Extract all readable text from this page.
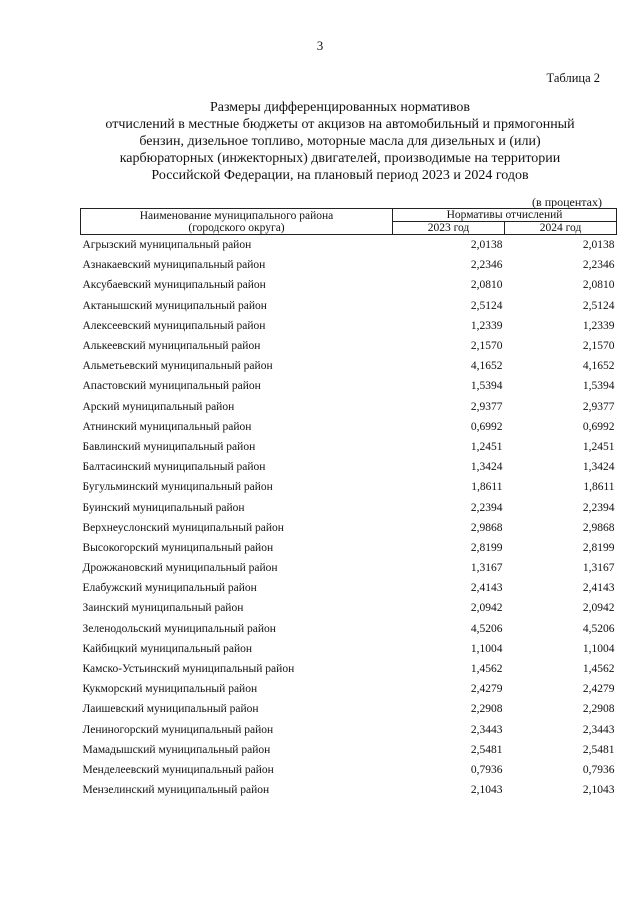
3
Таблица 2
Размеры дифференцированных нормативов
отчислений в местные бюджеты от акцизов на автомобильный и прямогонный
бензин, дизельное топливо, моторные масла для дизельных и (или)
карбюраторных (инжекторных) двигателей, производимые на территории
Российской Федерации, на плановый период 2023 и 2024 годов
(в процентах)
Наименование муниципального района
(городского округа)	Нормативы отчислений	
	2023 год	2024 год
Агрызский муниципальный район	2,0138	2,0138
Азнакаевский муниципальный район	2,2346	2,2346
Аксубаевский муниципальный район	2,0810	2,0810
Актанышский муниципальный район	2,5124	2,5124
Алексеевский муниципальный район	1,2339	1,2339
Алькеевский муниципальный район	2,1570	2,1570
Альметьевский муниципальный район	4,1652	4,1652
Апастовский муниципальный район	1,5394	1,5394
Арский муниципальный район	2,9377	2,9377
Атнинский муниципальный район	0,6992	0,6992
Бавлинский муниципальный район	1,2451	1,2451
Балтасинский муниципальный район	1,3424	1,3424
Бугульминский муниципальный район	1,8611	1,8611
Буинский муниципальный район	2,2394	2,2394
Верхнеуслонский муниципальный район	2,9868	2,9868
Высокогорский муниципальный район	2,8199	2,8199
Дрожжановский муниципальный район	1,3167	1,3167
Елабужский муниципальный район	2,4143	2,4143
Заинский муниципальный район	2,0942	2,0942
Зеленодольский муниципальный район	4,5206	4,5206
Кайбицкий муниципальный район	1,1004	1,1004
Камско-Устьинский муниципальный район	1,4562	1,4562
Кукморский муниципальный район	2,4279	2,4279
Лаишевский муниципальный район	2,2908	2,2908
Лениногорский муниципальный район	2,3443	2,3443
Мамадышский муниципальный район	2,5481	2,5481
Менделеевский муниципальный район	0,7936	0,7936
Мензелинский муниципальный район	2,1043	2,1043
